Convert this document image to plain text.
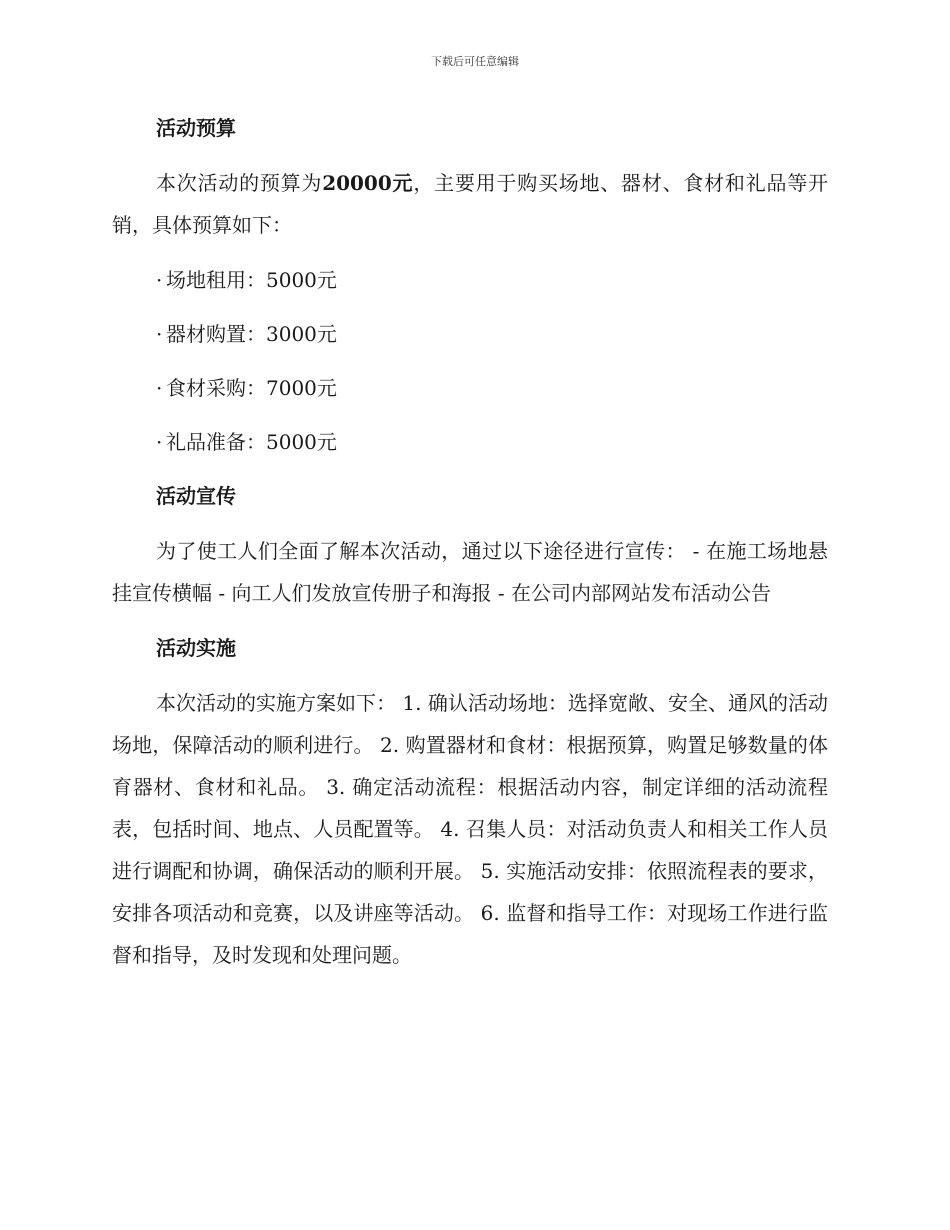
下载后可任意编辑
活动预算

本次活动的预算为20000元，主要用于购买场地、器材、食材和礼品等开销，具体预算如下：

· 场地租用：5000元
· 器材购置：3000元
· 食材采购：7000元
· 礼品准备：5000元
活动宣传

为了使工人们全面了解本次活动，通过以下途径进行宣传： - 在施工场地悬挂宣传横幅 - 向工人们发放宣传册子和海报 - 在公司内部网站发布活动公告

活动实施

本次活动的实施方案如下： 1. 确认活动场地：选择宽敞、安全、通风的活动场地，保障活动的顺利进行。 2. 购置器材和食材：根据预算，购置足够数量的体育器材、食材和礼品。 3. 确定活动流程：根据活动内容，制定详细的活动流程表，包括时间、地点、人员配置等。 4. 召集人员：对活动负责人和相关工作人员进行调配和协调，确保活动的顺利开展。 5. 实施活动安排：依照流程表的要求，安排各项活动和竞赛，以及讲座等活动。 6. 监督和指导工作：对现场工作进行监督和指导，及时发现和处理问题。
